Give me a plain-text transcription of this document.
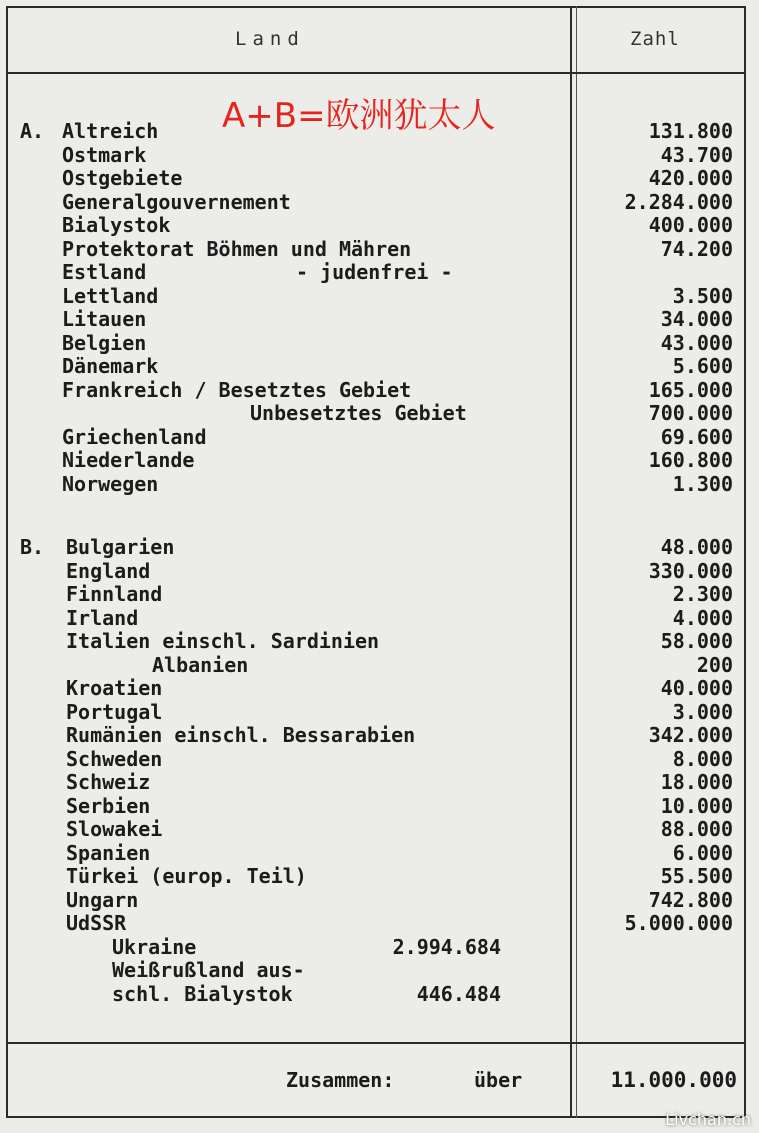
Land	Zahl
A+B=欧洲犹太人
A. Altreich	131.800
Ostmark	43.700
Ostgebiete	420.000
Generalgouvernement	2.284.000
Bialystok	400.000
Protektorat Böhmen und Mähren	74.200
Estland	- judenfrei -
Lettland	3.500
Litauen	34.000
Belgien	43.000
Dänemark	5.600
Frankreich / Besetztes Gebiet	165.000
Unbesetztes Gebiet	700.000
Griechenland	69.600
Niederlande	160.800
Norwegen	1.300
B. Bulgarien	48.000
England	330.000
Finnland	2.300
Irland	4.000
Italien einschl. Sardinien	58.000
Albanien	200
Kroatien	40.000
Portugal	3.000
Rumänien einschl. Bessarabien	342.000
Schweden	8.000
Schweiz	18.000
Serbien	10.000
Slowakei	88.000
Spanien	6.000
Türkei (europ. Teil)	55.500
Ungarn	742.800
UdSSR	5.000.000
Ukraine	2.994.684
Weißrußland aus-
schl. Bialystok	446.484
Zusammen:	über	11.000.000
Livchan.cn
